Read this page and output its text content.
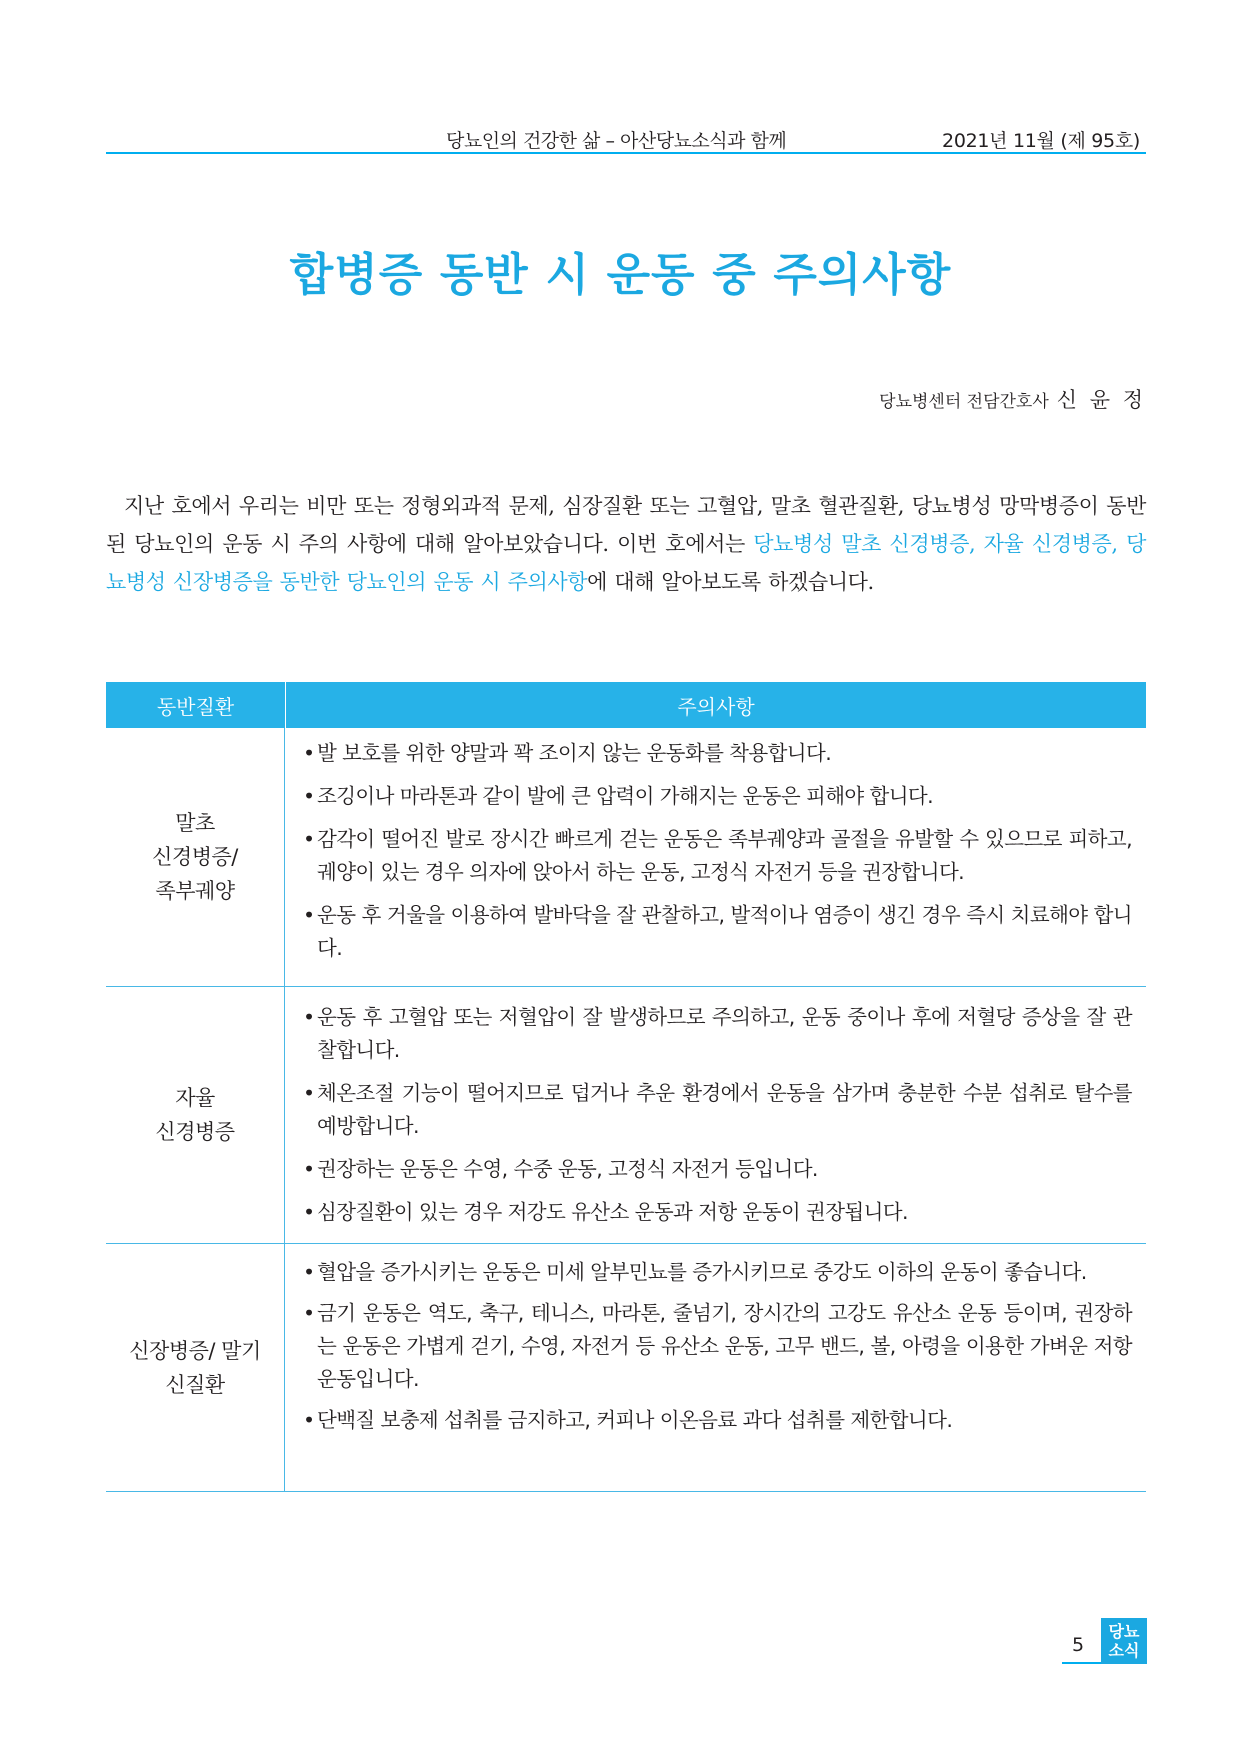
당뇨인의 건강한 삶 – 아산당뇨소식과 함께	2021년 11월 (제 95호)
합병증 동반 시 운동 중 주의사항
당뇨병센터 전담간호사 신 윤 정
지난 호에서 우리는 비만 또는 정형외과적 문제, 심장질환 또는 고혈압, 말초 혈관질환, 당뇨병성 망막병증이 동반된 당뇨인의 운동 시 주의 사항에 대해 알아보았습니다. 이번 호에서는 당뇨병성 말초 신경병증, 자율 신경병증, 당뇨병성 신장병증을 동반한 당뇨인의 운동 시 주의사항에 대해 알아보도록 하겠습니다.
동반질환	주의사항
말초
신경병증/
족부궤양

• 발 보호를 위한 양말과 꽉 조이지 않는 운동화를 착용합니다.

• 조깅이나 마라톤과 같이 발에 큰 압력이 가해지는 운동은 피해야 합니다.

• 감각이 떨어진 발로 장시간 빠르게 걷는 운동은 족부궤양과 골절을 유발할 수 있으므로 피하고, 궤양이 있는 경우 의자에 앉아서 하는 운동, 고정식 자전거 등을 권장합니다.

• 운동 후 거울을 이용하여 발바닥을 잘 관찰하고, 발적이나 염증이 생긴 경우 즉시 치료해야 합니다.

자율
신경병증

• 운동 후 고혈압 또는 저혈압이 잘 발생하므로 주의하고, 운동 중이나 후에 저혈당 증상을 잘 관찰합니다.

• 체온조절 기능이 떨어지므로 덥거나 추운 환경에서 운동을 삼가며 충분한 수분 섭취로 탈수를 예방합니다.

• 권장하는 운동은 수영, 수중 운동, 고정식 자전거 등입니다.

• 심장질환이 있는 경우 저강도 유산소 운동과 저항 운동이 권장됩니다.

신장병증/ 말기
신질환

• 혈압을 증가시키는 운동은 미세 알부민뇨를 증가시키므로 중강도 이하의 운동이 좋습니다.

• 금기 운동은 역도, 축구, 테니스, 마라톤, 줄넘기, 장시간의 고강도 유산소 운동 등이며, 권장하는 운동은 가볍게 걷기, 수영, 자전거 등 유산소 운동, 고무 밴드, 볼, 아령을 이용한 가벼운 저항 운동입니다.

• 단백질 보충제 섭취를 금지하고, 커피나 이온음료 과다 섭취를 제한합니다.

5
당뇨
소식
